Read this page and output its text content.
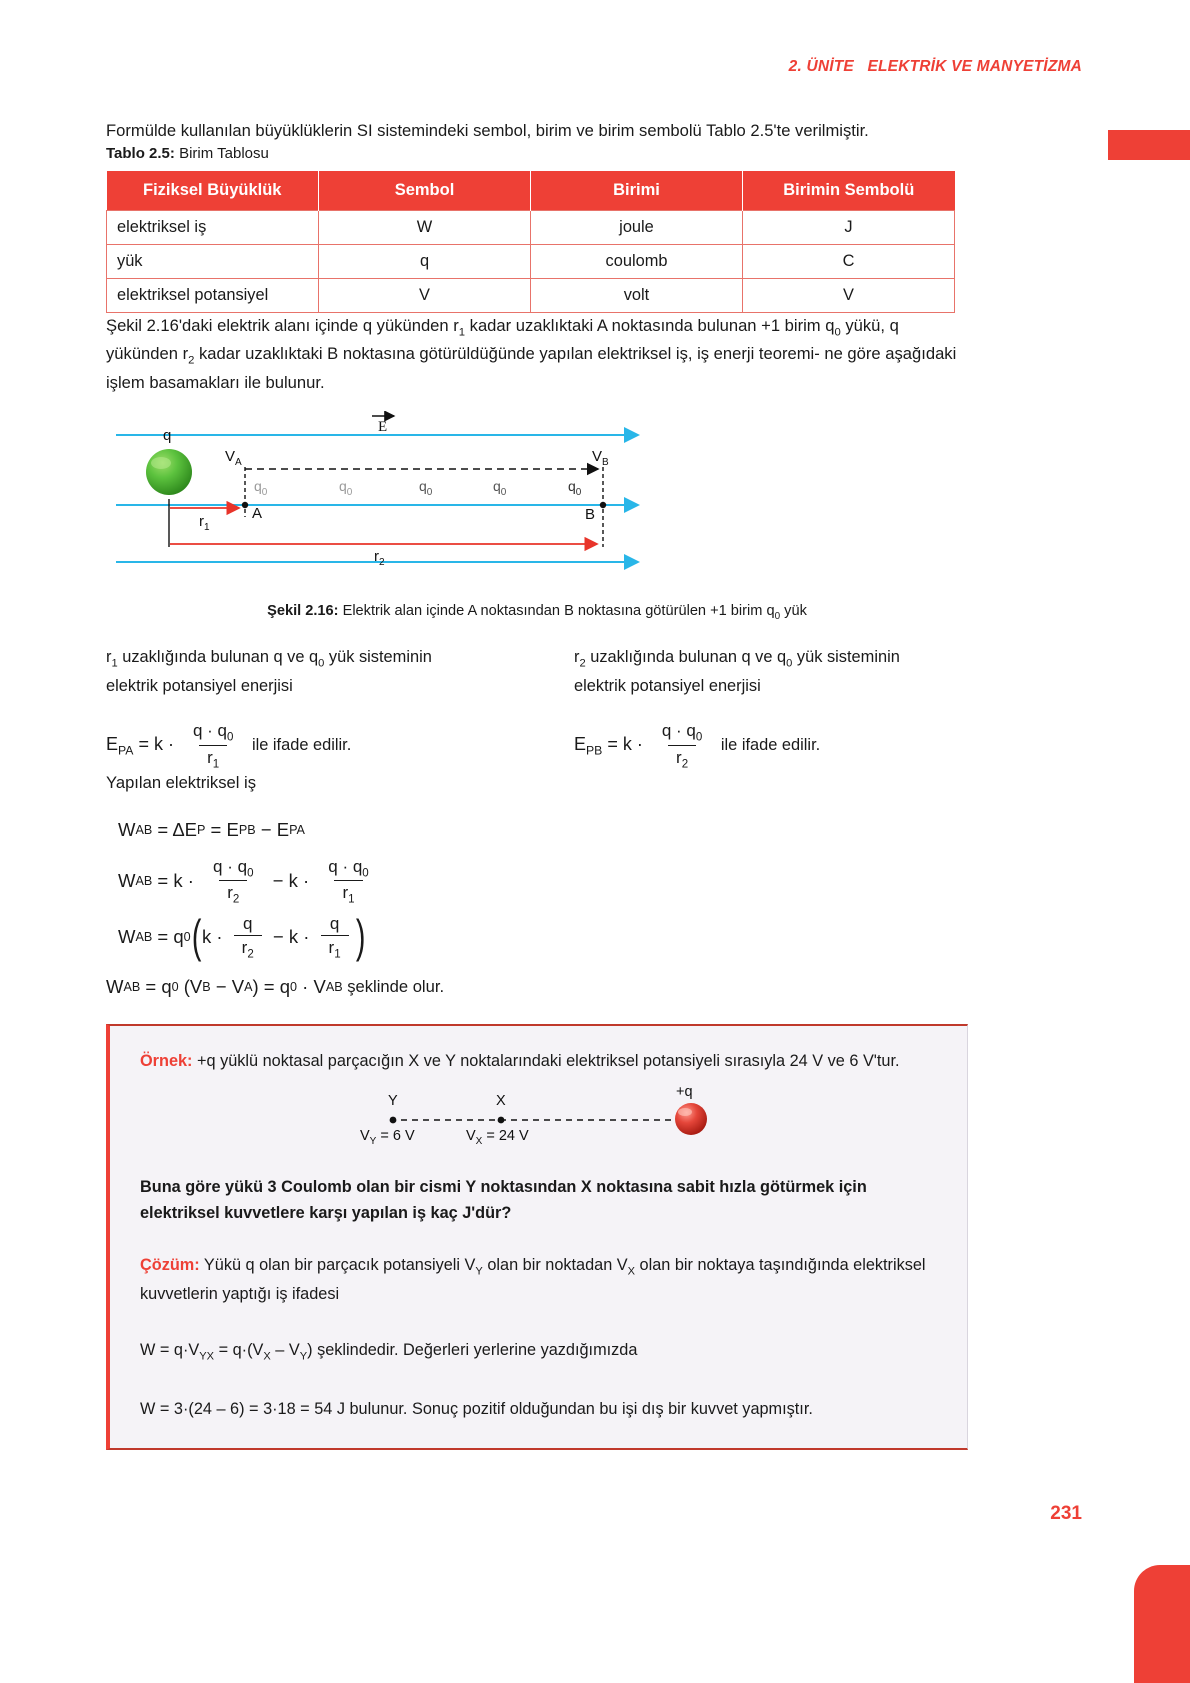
2. ÜNİTE   ELEKTRİK VE MANYETİZMA

Formülde kullanılan büyüklüklerin SI sistemindeki sembol, birim ve birim sembolü Tablo 2.5'te verilmiştir.

Tablo 2.5: Birim Tablosu
Fiziksel Büyüklük	Sembol	Birimi	Birimin Sembolü
elektriksel iş	W	joule	J
yük	q	coulomb	C
elektriksel potansiyel	V	volt	V

Şekil 2.16'daki elektrik alanı içinde q yükünden $r_1$ kadar uzaklıktaki A noktasında bulunan +1 birim $q_0$ yükü, q yükünden $r_2$ kadar uzaklıktaki B noktasına götürüldüğünde yapılan elektriksel iş, iş enerji teoremi- ne göre aşağıdaki işlem basamakları ile bulunur.

E
q
$V_A$	$V_B$
$q_0$	$q_0$	$q_0$	$q_0$	$q_0$
A	B
$r_1$
$r_2$
Şekil 2.16: Elektrik alan içinde A noktasından B noktasına götürülen +1 birim $q_0$ yük

$r_1$ uzaklığında bulunan q ve $q_0$ yük sisteminin
elektrik potansiyel enerjisi

$E_{PA} = k \cdot \frac{q \cdot q_0}{r_1}$ ile ifade edilir.

$r_2$ uzaklığında bulunan q ve $q_0$ yük sisteminin
elektrik potansiyel enerjisi

$E_{PB} = k \cdot \frac{q \cdot q_0}{r_2}$ ile ifade edilir.

Yapılan elektriksel iş

W AB = ΔE P = E PB − E PA
W AB = $k \cdot \frac{q \cdot q_0}{r_2} - k \cdot \frac{q \cdot q_0}{r_1}$
W AB = q 0 ( $k \cdot \frac{q}{r_2} - k \cdot \frac{q}{r_1}$ )
W AB = q 0 (V B − V A ) = q 0 · V AB şeklinde olur.

Örnek: +q yüklü noktasal parçacığın X ve Y noktalarındaki elektriksel potansiyeli sırasıyla 24 V ve 6 V'tur.

Y	X
+q
$V_Y = 6$ V	$V_X = 24$ V

Buna göre yükü 3 Coulomb olan bir cismi Y noktasından X noktasına sabit hızla götürmek için elektriksel kuvvetlere karşı yapılan iş kaç J'dür?

Çözüm: Yükü q olan bir parçacık potansiyeli $V_Y$ olan bir noktadan $V_X$ olan bir noktaya taşındığında elektriksel kuvvetlerin yaptığı iş ifadesi

$W = q\cdot V_{YX} = q\cdot(V_X - V_Y)$ şeklindedir. Değerleri yerlerine yazdığımızda

W = 3·(24 – 6) = 3·18 = 54 J bulunur. Sonuç pozitif olduğundan bu işi dış bir kuvvet yapmıştır.

231
